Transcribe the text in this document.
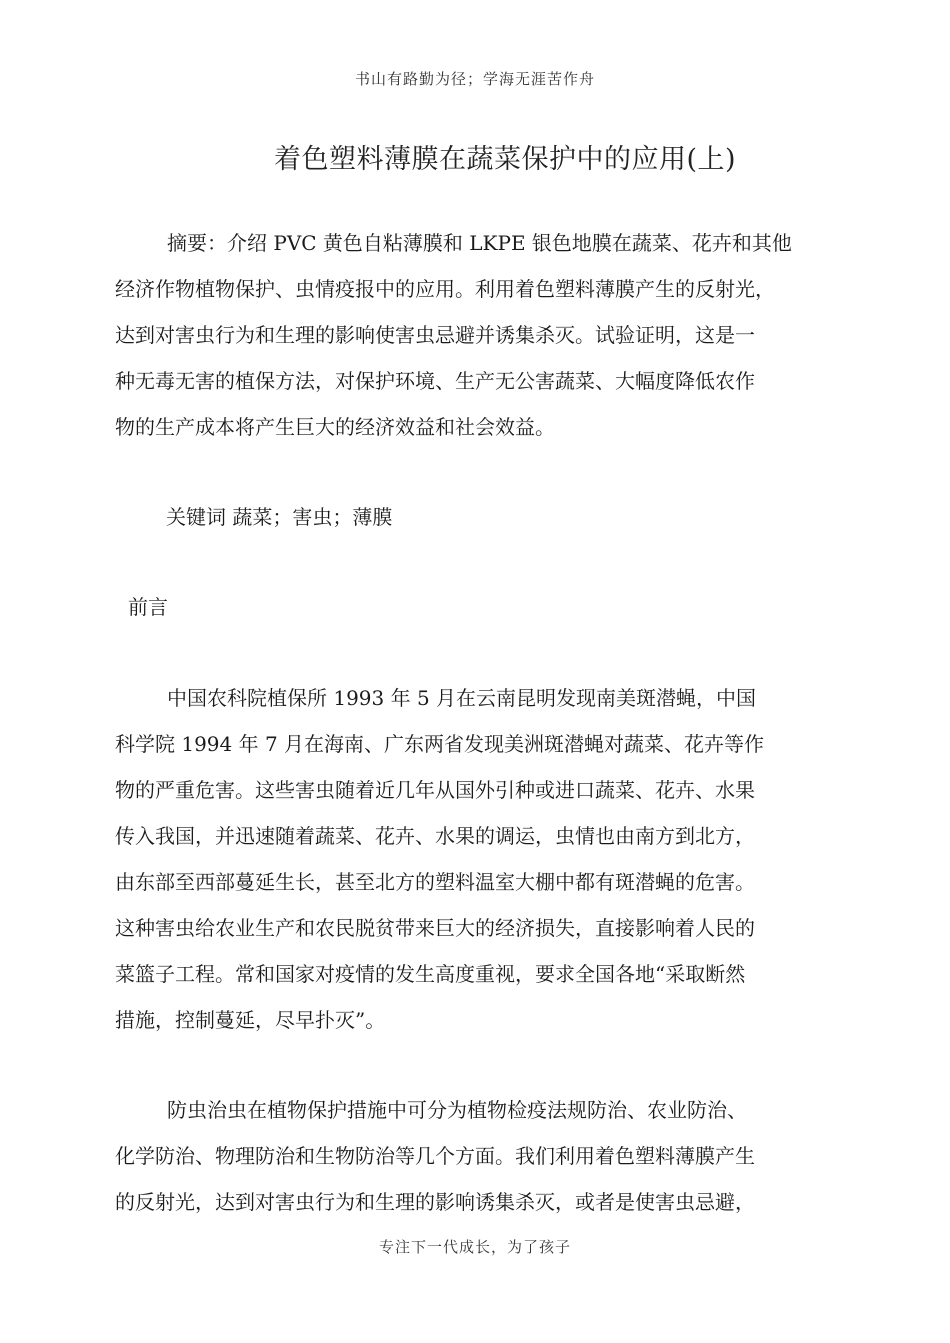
书山有路勤为径；学海无涯苦作舟
着色塑料薄膜在蔬菜保护中的应用(上)
摘要：介绍 PVC 黄色自粘薄膜和 LKPE 银色地膜在蔬菜、花卉和其他
经济作物植物保护、虫情疫报中的应用。利用着色塑料薄膜产生的反射光，
达到对害虫行为和生理的影响使害虫忌避并诱集杀灭。试验证明，这是一
种无毒无害的植保方法，对保护环境、生产无公害蔬菜、大幅度降低农作
物的生产成本将产生巨大的经济效益和社会效益。
关键词 蔬菜；害虫；薄膜
前言
中国农科院植保所 1993 年 5 月在云南昆明发现南美斑潜蝇，中国
科学院 1994 年 7 月在海南、广东两省发现美洲斑潜蝇对蔬菜、花卉等作
物的严重危害。这些害虫随着近几年从国外引种或进口蔬菜、花卉、水果
传入我国，并迅速随着蔬菜、花卉、水果的调运，虫情也由南方到北方，
由东部至西部蔓延生长，甚至北方的塑料温室大棚中都有斑潜蝇的危害。
这种害虫给农业生产和农民脱贫带来巨大的经济损失，直接影响着人民的
菜篮子工程。常和国家对疫情的发生高度重视，要求全国各地“采取断然
措施，控制蔓延，尽早扑灭”。
防虫治虫在植物保护措施中可分为植物检疫法规防治、农业防治、
化学防治、物理防治和生物防治等几个方面。我们利用着色塑料薄膜产生
的反射光，达到对害虫行为和生理的影响诱集杀灭，或者是使害虫忌避，
专注下一代成长，为了孩子
